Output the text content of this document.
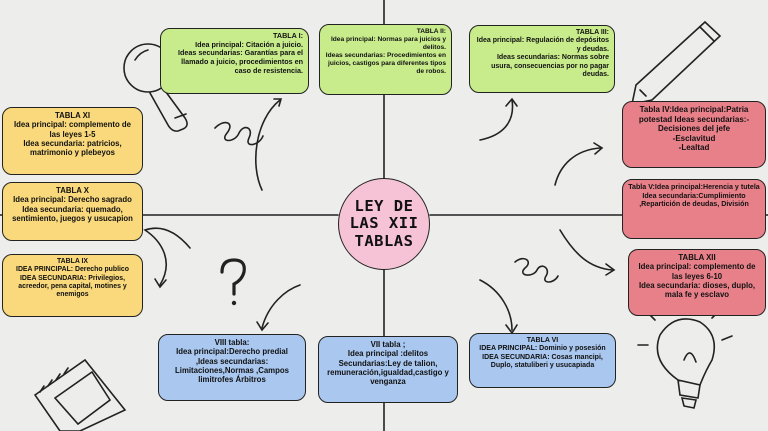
LEY DE
LAS XII
TABLAS
TABLA I:
Idea principal: Citación a juicio.
Ideas secundarias: Garantías para el llamado a juicio, procedimientos en caso de resistencia.
TABLA II:
Idea principal: Normas para juicios y delitos.
Ideas secundarias: Procedimientos en juicios, castigos para diferentes tipos de robos.
TABLA III:
Idea principal: Regulación de depósitos y deudas.
Ideas secundarias: Normas sobre usura, consecuencias por no pagar deudas.
Tabla IV:Idea principal:Patria potestad Ideas secundarias:-
Decisiones del jefe
-Esclavitud
-Lealtad
Tabla V:Idea principal:Herencia y tutela
Idea secundaria:Cumplimiento ,Repartición de deudas, División
TABLA XII
Idea principal: complemento de las leyes 6-10
Idea secundaria: dioses, duplo, mala fe y esclavo
TABLA VI
IDEA PRINCIPAL: Dominio y posesión
IDEA SECUNDARIA: Cosas mancipi, Duplo, statuliberi y usucapiada
VII tabla ;
Idea principal :delitos
Secundarias:Ley de talion, remuneración,igualdad,castigo y venganza
VIII tabla:
Idea principal:Derecho predial
,Ideas secundarias:
Limitaciones,Normas ,Campos limitrofes Árbitros
TABLA IX
IDEA PRINCIPAL: Derecho publico
IDEA SECUNDARIA: Privilegios, acreedor, pena capital, motines y enemigos
TABLA X
Idea principal: Derecho sagrado
Idea secundaria: quemado, sentimiento, juegos y usucapion
TABLA XI
Idea principal: complemento de las leyes 1-5
Idea secundaria: patricios, matrimonio y plebeyos
